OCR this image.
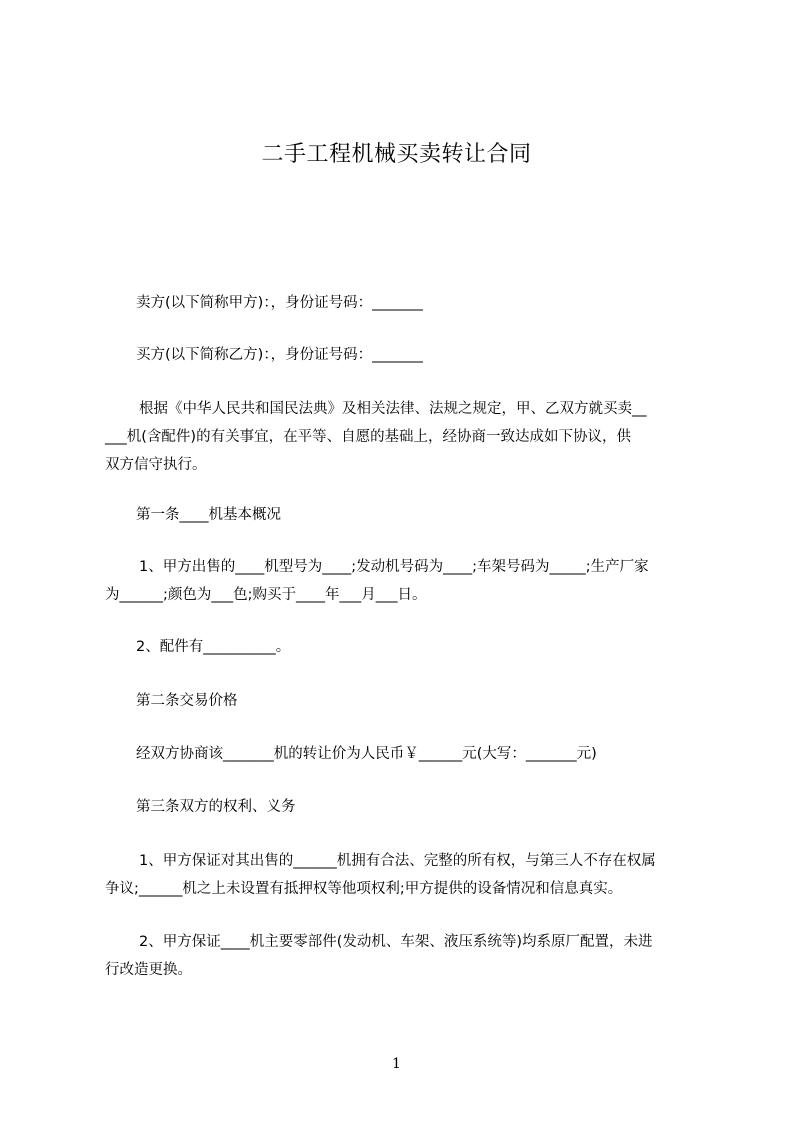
二手工程机械买卖转让合同
卖方(以下简称甲方)：，身份证号码：_______
买方(以下简称乙方)：，身份证号码：_______
根据《中华人民共和国民法典》及相关法律、法规之规定，甲、乙双方就买卖__
___机(含配件)的有关事宜，在平等、自愿的基础上，经协商一致达成如下协议，供
双方信守执行。
第一条____机基本概况
1、甲方出售的____机型号为____;发动机号码为____;车架号码为_____;生产厂家
为______;颜色为___色;购买于____年___月___日。
2、配件有__________。
第二条交易价格
经双方协商该_______机的转让价为人民币￥______元(大写：_______元)
第三条双方的权利、义务
1、甲方保证对其出售的______机拥有合法、完整的所有权，与第三人不存在权属
争议;______机之上未设置有抵押权等他项权利;甲方提供的设备情况和信息真实。
2、甲方保证____机主要零部件(发动机、车架、液压系统等)均系原厂配置，未进
行改造更换。
1
